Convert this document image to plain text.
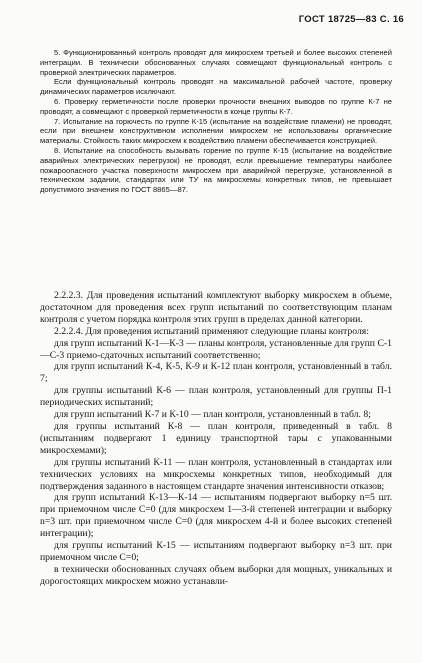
ГОСТ 18725—83 С. 16

5. Функционированный контроль проводят для микросхем третьей и более высоких степеней интеграции. В технически обоснованных случаях совмещают функциональный контроль с проверкой электрических параметров.

Если функциональный контроль проводят на максимальной рабочей частоте, проверку динамических параметров исключают.

6. Проверку герметичности после проверки прочности внешних выводов по группе К-7 не проводят, а совмещают с проверкой герметичности в конце группы К-7.

7. Испытание на горючесть по группе К-15 (испытание на воздействие пламени) не проводят, если при внешнем конструктивном исполнении микросхем не использованы органические материалы. Стойкость таких микросхем к воздействию пламени обеспечивается конструкцией.

8. Испытание на способность вызывать горение по группе К-15 (испытание на воздействие аварийных электрических перегрузок) не проводят, если превышение температуры наиболее пожароопасного участка поверхности микросхем при аварийной перегрузке, установленной в техническом задании, стандартах или ТУ на микросхемы конкретных типов, не превышает допустимого значения по ГОСТ 8865—87.

2.2.2.3. Для проведения испытаний комплектуют выборку микросхем в объеме, достаточном для проведения всех групп испытаний по соответствующим планам контроля с учетом порядка контроля этих групп в пределах данной категории.

2.2.2.4. Для проведения испытаний применяют следующие планы контроля:

для групп испытаний К-1—К-3 — планы контроля, установленные для групп С-1—С-3 приемо-сдаточных испытаний соответственно;

для групп испытаний К-4, К-5, К-9 и К-12 план контроля, установленный в табл. 7;

для группы испытаний К-6 — план контроля, установленный для группы П-1 периодических испытаний;

для групп испытаний К-7 и К-10 — план контроля, установленный в табл. 8;

для группы испытаний К-8 — план контроля, приведенный в табл. 8 (испытаниям подвергают 1 единицу транспортной тары с упакованными микросхемами);

для группы испытаний К-11 — план контроля, установленный в стандартах или технических условиях на микросхемы конкретных типов, необходимый для подтверждения заданного в настоящем стандарте значения интенсивности отказов;

для групп испытаний К-13—К-14 — испытаниям подвергают выборку n=5 шт. при приемочном числе C=0 (для микросхем 1—3-й степеней интеграции и выборку n=3 шт. при приемочном числе C=0 (для микросхем 4-й и более высоких степеней интеграции);

для группы испытаний К-15 — испытаниям подвергают выборку n=3 шт. при приемочном числе C=0;

в технически обоснованных случаях объем выборки для мощных, уникальных и дорогостоящих микросхем можно устанавли-
